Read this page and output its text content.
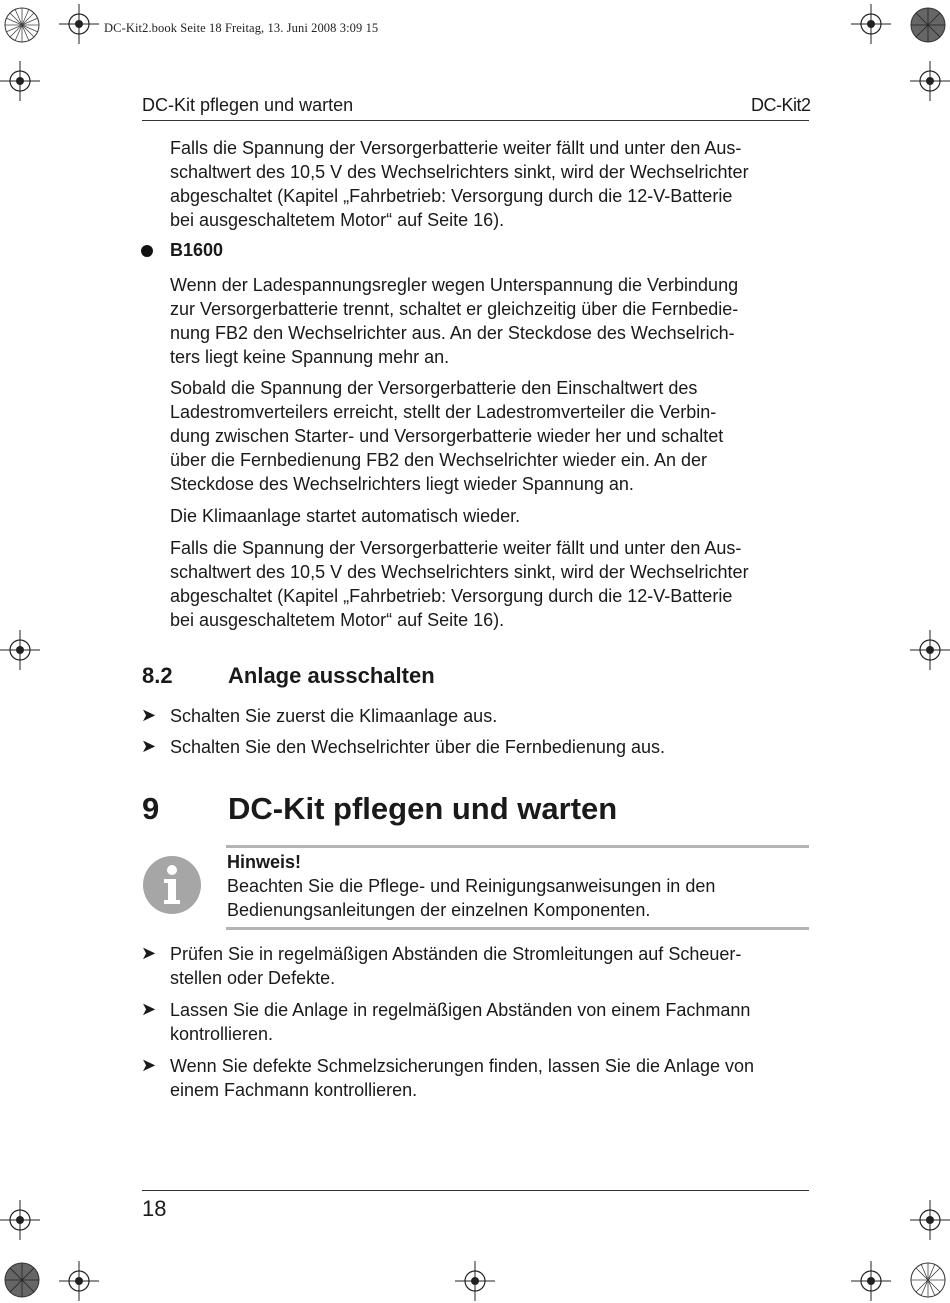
DC-Kit2.book Seite 18 Freitag, 13. Juni 2008 3:09 15
DC-Kit pflegen und warten	DC-Kit2
Falls die Spannung der Versorgerbatterie weiter fällt und unter den Aus-
schaltwert des 10,5 V des Wechselrichters sinkt, wird der Wechselrichter
abgeschaltet (Kapitel „Fahrbetrieb: Versorgung durch die 12-V-Batterie
bei ausgeschaltetem Motor“ auf Seite 16).
B1600
Wenn der Ladespannungsregler wegen Unterspannung die Verbindung
zur Versorgerbatterie trennt, schaltet er gleichzeitig über die Fernbedie-
nung FB2 den Wechselrichter aus. An der Steckdose des Wechselrich-
ters liegt keine Spannung mehr an.
Sobald die Spannung der Versorgerbatterie den Einschaltwert des
Ladestromverteilers erreicht, stellt der Ladestromverteiler die Verbin-
dung zwischen Starter- und Versorgerbatterie wieder her und schaltet
über die Fernbedienung FB2 den Wechselrichter wieder ein. An der
Steckdose des Wechselrichters liegt wieder Spannung an.
Die Klimaanlage startet automatisch wieder.
Falls die Spannung der Versorgerbatterie weiter fällt und unter den Aus-
schaltwert des 10,5 V des Wechselrichters sinkt, wird der Wechselrichter
abgeschaltet (Kapitel „Fahrbetrieb: Versorgung durch die 12-V-Batterie
bei ausgeschaltetem Motor“ auf Seite 16).
8.2	Anlage ausschalten
➤ Schalten Sie zuerst die Klimaanlage aus.
➤ Schalten Sie den Wechselrichter über die Fernbedienung aus.
9 DC-Kit pflegen und warten
Hinweis!
Beachten Sie die Pflege- und Reinigungsanweisungen in den
Bedienungsanleitungen der einzelnen Komponenten.
➤ Prüfen Sie in regelmäßigen Abständen die Stromleitungen auf Scheuer-
stellen oder Defekte.
➤ Lassen Sie die Anlage in regelmäßigen Abständen von einem Fachmann
kontrollieren.
➤ Wenn Sie defekte Schmelzsicherungen finden, lassen Sie die Anlage von
einem Fachmann kontrollieren.
18
